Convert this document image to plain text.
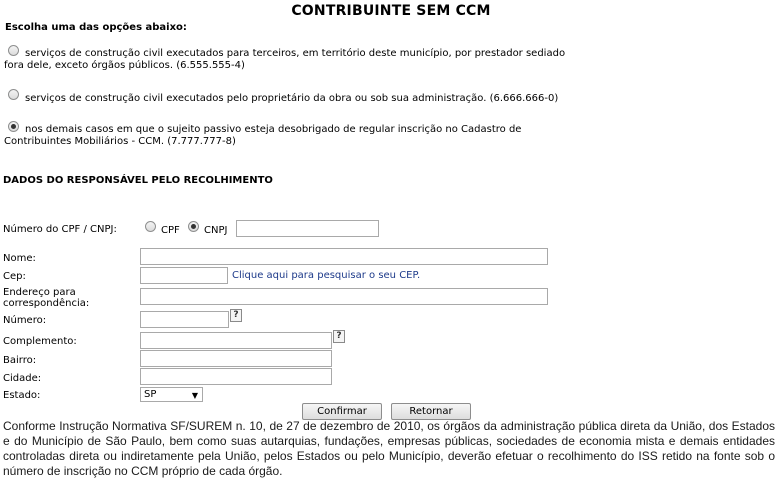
CONTRIBUINTE SEM CCM
Escolha uma das opções abaixo:
serviços de construção civil executados para terceiros, em território deste município, por prestador sediado
fora dele, exceto órgãos públicos. (6.555.555-4)
serviços de construção civil executados pelo proprietário da obra ou sob sua administração. (6.666.666-0)
nos demais casos em que o sujeito passivo esteja desobrigado de regular inscrição no Cadastro de
Contribuintes Mobiliários - CCM. (7.777.777-8)
DADOS DO RESPONSÁVEL PELO RECOLHIMENTO
Número do CPF / CNPJ:	CPF CNPJ
Nome:
Cep:	Clique aqui para pesquisar o seu CEP.
Endereço para
correspondência:
Número:	?
Complemento:	?
Bairro:
Cidade:
Estado:	SP	▼
Confirmar	Retornar
Conforme Instrução Normativa SF/SUREM n. 10, de 27 de dezembro de 2010, os órgãos da administração pública direta da União, dos Estados e do Município de São Paulo, bem como suas autarquias, fundações, empresas públicas, sociedades de economia mista e demais entidades controladas direta ou indiretamente pela União, pelos Estados ou pelo Município, deverão efetuar o recolhimento do ISS retido na fonte sob o número de inscrição no CCM próprio de cada órgão.
